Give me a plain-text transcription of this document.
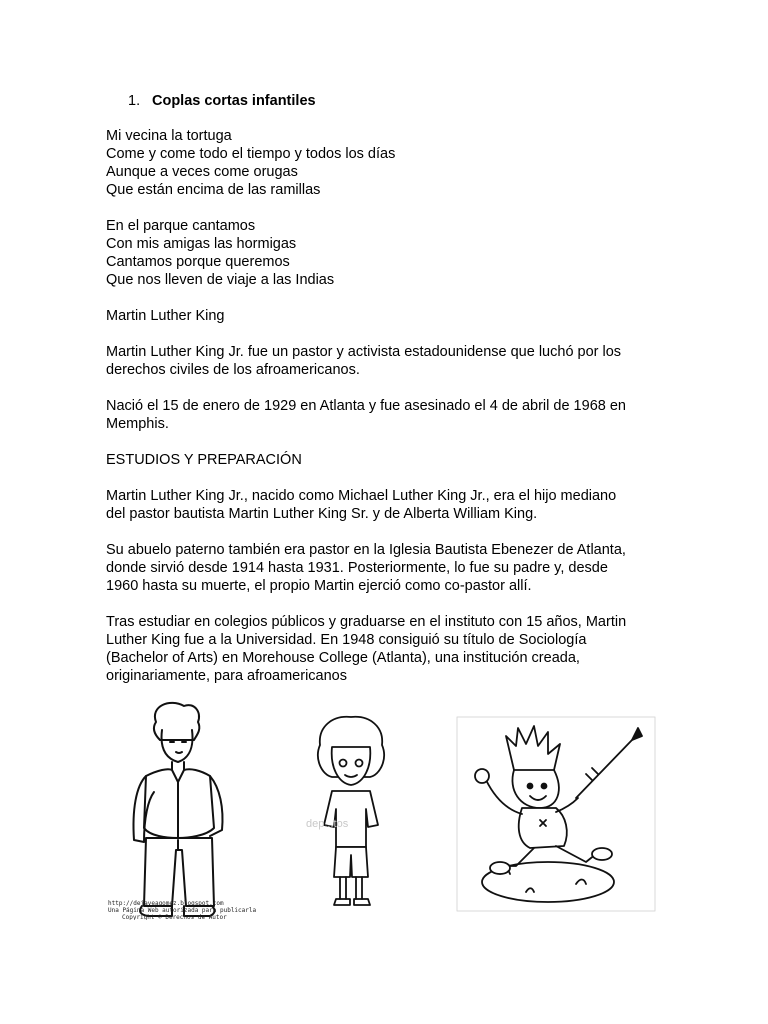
1. Coplas cortas infantiles
Mi vecina la tortuga
Come y come todo el tiempo y todos los días
Aunque a veces come orugas
Que están encima de las ramillas
En el parque cantamos
Con mis amigas las hormigas
Cantamos porque queremos
Que nos lleven de viaje a las Indias
Martin Luther King
Martin Luther King Jr. fue un pastor y activista estadounidense que luchó por los
derechos civiles de los afroamericanos.
Nació el 15 de enero de 1929 en Atlanta y fue asesinado el 4 de abril de 1968 en
Memphis.
ESTUDIOS Y PREPARACIÓN
Martin Luther King Jr., nacido como Michael Luther King Jr., era el hijo mediano
del pastor bautista Martin Luther King Sr. y de Alberta William King.
Su abuelo paterno también era pastor en la Iglesia Bautista Ebenezer de Atlanta,
donde sirvió desde 1914 hasta 1931. Posteriormente, lo fue su padre y, desde
1960 hasta su muerte, el propio Martin ejerció como co-pastor allí.
Tras estudiar en colegios públicos y graduarse en el instituto con 15 años, Martin
Luther King fue a la Universidad. En 1948 consiguió su título de Sociología
(Bachelor of Arts) en Morehouse College (Atlanta), una institución creada,
originariamente, para afroamericanos
http://dejaveagomez.blogspot.com
Una Página Web autorizada para publicarla
Copyright © Derechos de Autor
dep...tos
